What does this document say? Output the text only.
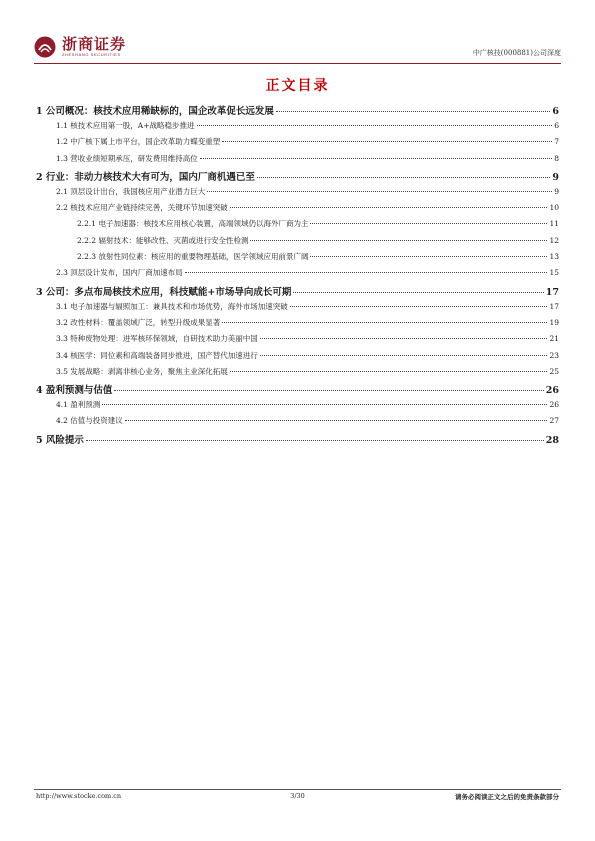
浙商证券
ZHESHANG SECURITIES	中广核技(000881)公司深度
正文目录
1 公司概况：核技术应用稀缺标的，国企改革促长远发展	6
1.1 核技术应用第一股，A+战略稳步推进	6
1.2 中广核下属上市平台，国企改革助力蝶变重塑	7
1.3 营收业绩短期承压，研发费用维持高位	8
2 行业：非动力核技术大有可为，国内厂商机遇已至	9
2.1 顶层设计出台，我国核应用产业潜力巨大	9
2.2 核技术应用产业链持续完善，关键环节加速突破	10
2.2.1 电子加速器：核技术应用核心装置，高端领域仍以海外厂商为主	11
2.2.2 辐射技术：能够改性、灭菌或进行安全性检测	12
2.2.3 放射性同位素：核应用的重要物理基础，医学领域应用前景广阔	13
2.3 顶层设计发布，国内厂商加速布局	15
3 公司：多点布局核技术应用，科技赋能+市场导向成长可期	17
3.1 电子加速器与辐照加工：兼具技术和市场优势，海外市场加速突破	17
3.2 改性材料：覆盖领域广泛，转型升级成果显著	19
3.3 特种废物处理：进军核环保领域，自研技术助力美丽中国	21
3.4 核医学：同位素和高端装备同步推进，国产替代加速进行	23
3.5 发展战略：剥离非核心业务，聚焦主业深化拓展	25
4 盈利预测与估值	26
4.1 盈利预测	26
4.2 估值与投资建议	27
5 风险提示	28
http://www.stocke.com.cn	3/30	请务必阅读正文之后的免责条款部分
